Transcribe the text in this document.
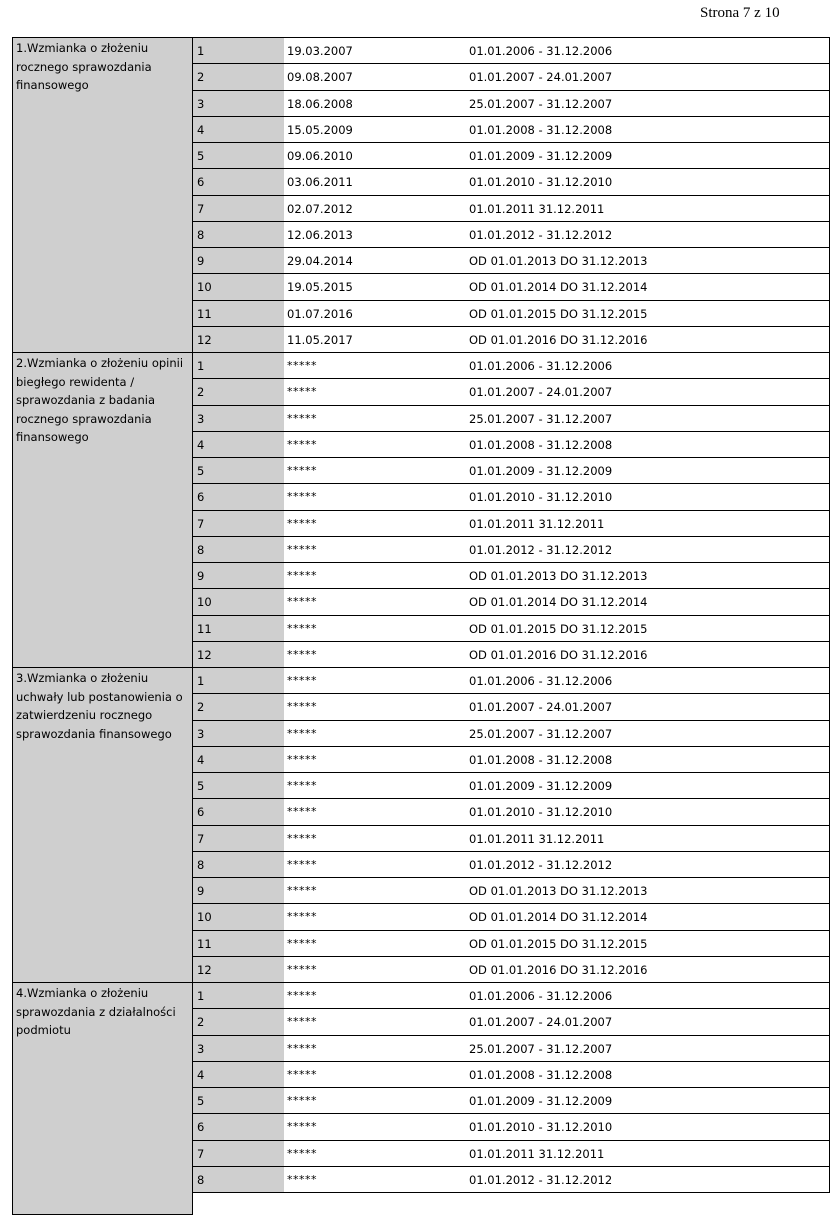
Strona 7 z 10
1.Wzmianka o złożeniu rocznego sprawozdania finansowego
1	19.03.2007	01.01.2006 - 31.12.2006
2	09.08.2007	01.01.2007 - 24.01.2007
3	18.06.2008	25.01.2007 - 31.12.2007
4	15.05.2009	01.01.2008 - 31.12.2008
5	09.06.2010	01.01.2009 - 31.12.2009
6	03.06.2011	01.01.2010 - 31.12.2010
7	02.07.2012	01.01.2011 31.12.2011
8	12.06.2013	01.01.2012 - 31.12.2012
9	29.04.2014	OD 01.01.2013 DO 31.12.2013
10	19.05.2015	OD 01.01.2014 DO 31.12.2014
11	01.07.2016	OD 01.01.2015 DO 31.12.2015
12	11.05.2017	OD 01.01.2016 DO 31.12.2016
2.Wzmianka o złożeniu opinii biegłego rewidenta / sprawozdania z badania rocznego sprawozdania finansowego
1	*****	01.01.2006 - 31.12.2006
2	*****	01.01.2007 - 24.01.2007
3	*****	25.01.2007 - 31.12.2007
4	*****	01.01.2008 - 31.12.2008
5	*****	01.01.2009 - 31.12.2009
6	*****	01.01.2010 - 31.12.2010
7	*****	01.01.2011 31.12.2011
8	*****	01.01.2012 - 31.12.2012
9	*****	OD 01.01.2013 DO 31.12.2013
10	*****	OD 01.01.2014 DO 31.12.2014
11	*****	OD 01.01.2015 DO 31.12.2015
12	*****	OD 01.01.2016 DO 31.12.2016
3.Wzmianka o złożeniu uchwały lub postanowienia o zatwierdzeniu rocznego sprawozdania finansowego
1	*****	01.01.2006 - 31.12.2006
2	*****	01.01.2007 - 24.01.2007
3	*****	25.01.2007 - 31.12.2007
4	*****	01.01.2008 - 31.12.2008
5	*****	01.01.2009 - 31.12.2009
6	*****	01.01.2010 - 31.12.2010
7	*****	01.01.2011 31.12.2011
8	*****	01.01.2012 - 31.12.2012
9	*****	OD 01.01.2013 DO 31.12.2013
10	*****	OD 01.01.2014 DO 31.12.2014
11	*****	OD 01.01.2015 DO 31.12.2015
12	*****	OD 01.01.2016 DO 31.12.2016
4.Wzmianka o złożeniu sprawozdania z działalności podmiotu
1	*****	01.01.2006 - 31.12.2006
2	*****	01.01.2007 - 24.01.2007
3	*****	25.01.2007 - 31.12.2007
4	*****	01.01.2008 - 31.12.2008
5	*****	01.01.2009 - 31.12.2009
6	*****	01.01.2010 - 31.12.2010
7	*****	01.01.2011 31.12.2011
8	*****	01.01.2012 - 31.12.2012
